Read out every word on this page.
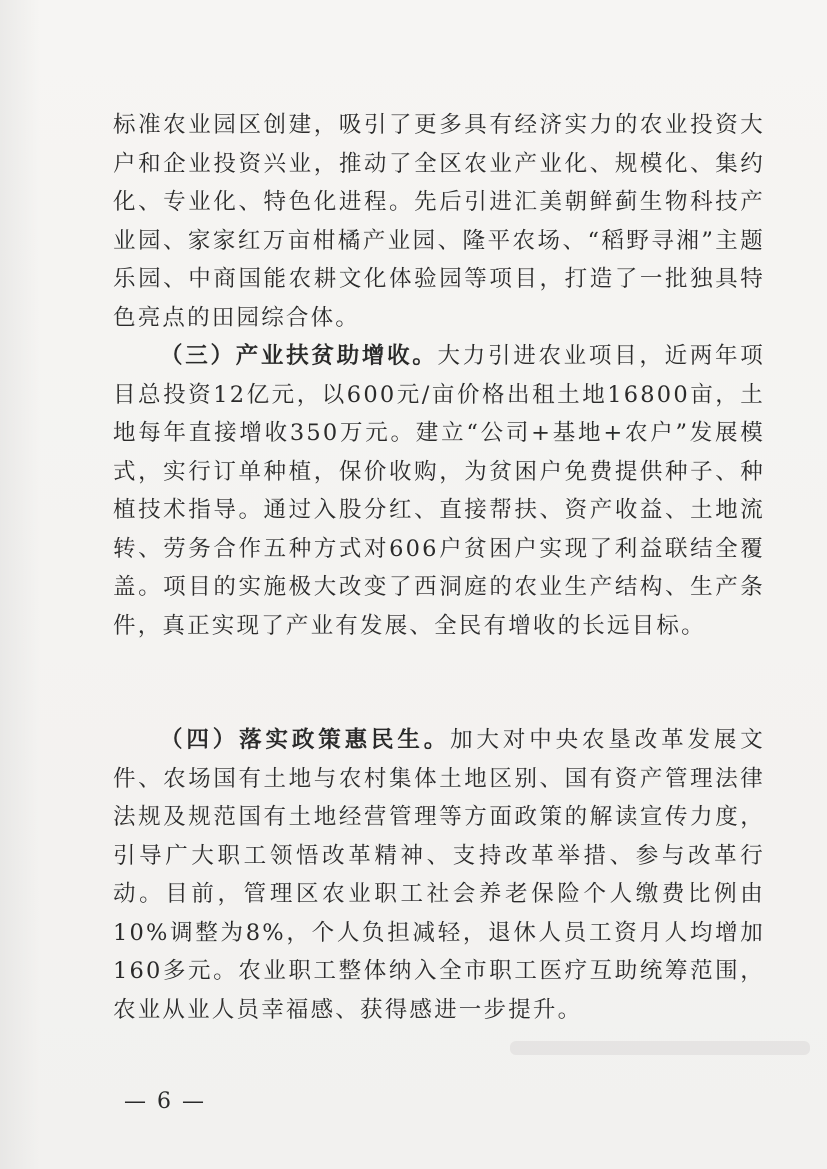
标准农业园区创建，吸引了更多具有经济实力的农业投资大户和企业投资兴业，推动了全区农业产业化、规模化、集约化、专业化、特色化进程。先后引进汇美朝鲜蓟生物科技产业园、家家红万亩柑橘产业园、隆平农场、“稻野寻湘”主题乐园、中商国能农耕文化体验园等项目，打造了一批独具特色亮点的田园综合体。

（三）产业扶贫助增收。大力引进农业项目，近两年项目总投资12亿元，以600元/亩价格出租土地16800亩，土地每年直接增收350万元。建立“公司+基地+农户”发展模式，实行订单种植，保价收购，为贫困户免费提供种子、种植技术指导。通过入股分红、直接帮扶、资产收益、土地流转、劳务合作五种方式对606户贫困户实现了利益联结全覆盖。项目的实施极大改变了西洞庭的农业生产结构、生产条件，真正实现了产业有发展、全民有增收的长远目标。

（四）落实政策惠民生。加大对中央农垦改革发展文件、农场国有土地与农村集体土地区别、国有资产管理法律法规及规范国有土地经营管理等方面政策的解读宣传力度，引导广大职工领悟改革精神、支持改革举措、参与改革行动。目前，管理区农业职工社会养老保险个人缴费比例由10%调整为8%，个人负担减轻，退休人员工资月人均增加160多元。农业职工整体纳入全市职工医疗互助统筹范围，农业从业人员幸福感、获得感进一步提升。

— 6 —
